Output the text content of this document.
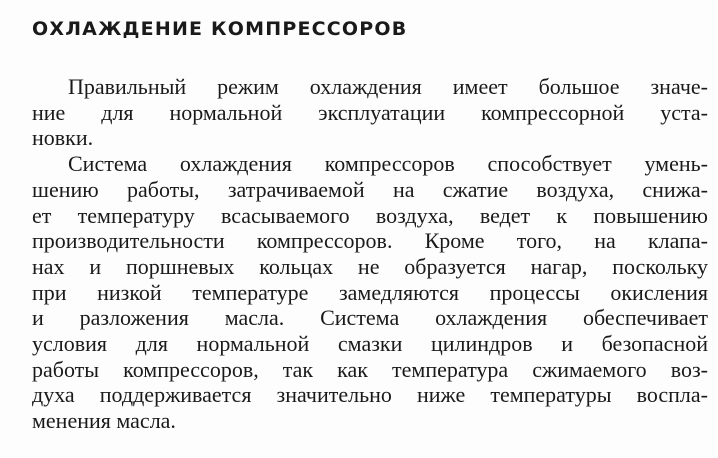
ОХЛАЖДЕНИЕ КОМПРЕССОРОВ
Правильный режим охлаждения имеет большое значе-
ние для нормальной эксплуатации компрессорной уста-
новки.
Система охлаждения компрессоров способствует умень-
шению работы, затрачиваемой на сжатие воздуха, снижа-
ет температуру всасываемого воздуха, ведет к повышению
производительности компрессоров. Кроме того, на клапа-
нах и поршневых кольцах не образуется нагар, поскольку
при низкой температуре замедляются процессы окисления
и разложения масла. Система охлаждения обеспечивает
условия для нормальной смазки цилиндров и безопасной
работы компрессоров, так как температура сжимаемого воз-
духа поддерживается значительно ниже температуры воспла-
менения масла.
